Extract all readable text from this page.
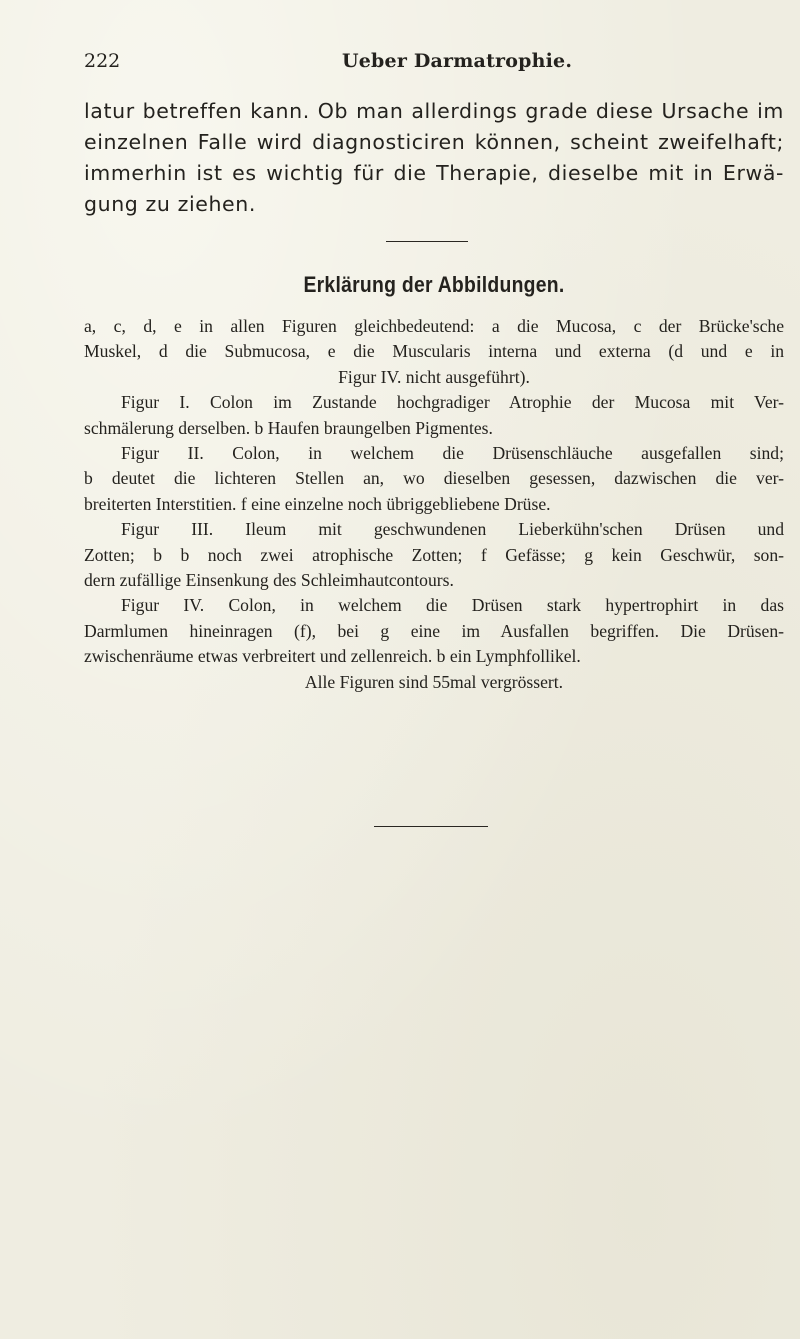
222	Ueber Darmatrophie.
latur betreffen kann. Ob man allerdings grade diese Ursache im
einzelnen Falle wird diagnosticiren können, scheint zweifelhaft;
immerhin ist es wichtig für die Therapie, dieselbe mit in Erwä-
gung zu ziehen.
Erklärung der Abbildungen.
a, c, d, e in allen Figuren gleichbedeutend: a die Mucosa, c der Brücke'sche
Muskel, d die Submucosa, e die Muscularis interna und externa (d und e in
Figur IV. nicht ausgeführt).
Figur I. Colon im Zustande hochgradiger Atrophie der Mucosa mit Ver-
schmälerung derselben. b Haufen braungelben Pigmentes.
Figur II. Colon, in welchem die Drüsenschläuche ausgefallen sind;
b deutet die lichteren Stellen an, wo dieselben gesessen, dazwischen die ver-
breiterten Interstitien. f eine einzelne noch übriggebliebene Drüse.
Figur III. Ileum mit geschwundenen Lieberkühn'schen Drüsen und
Zotten; b b noch zwei atrophische Zotten; f Gefässe; g kein Geschwür, son-
dern zufällige Einsenkung des Schleimhautcontours.
Figur IV. Colon, in welchem die Drüsen stark hypertrophirt in das
Darmlumen hineinragen (f), bei g eine im Ausfallen begriffen. Die Drüsen-
zwischenräume etwas verbreitert und zellenreich. b ein Lymphfollikel.
Alle Figuren sind 55mal vergrössert.
